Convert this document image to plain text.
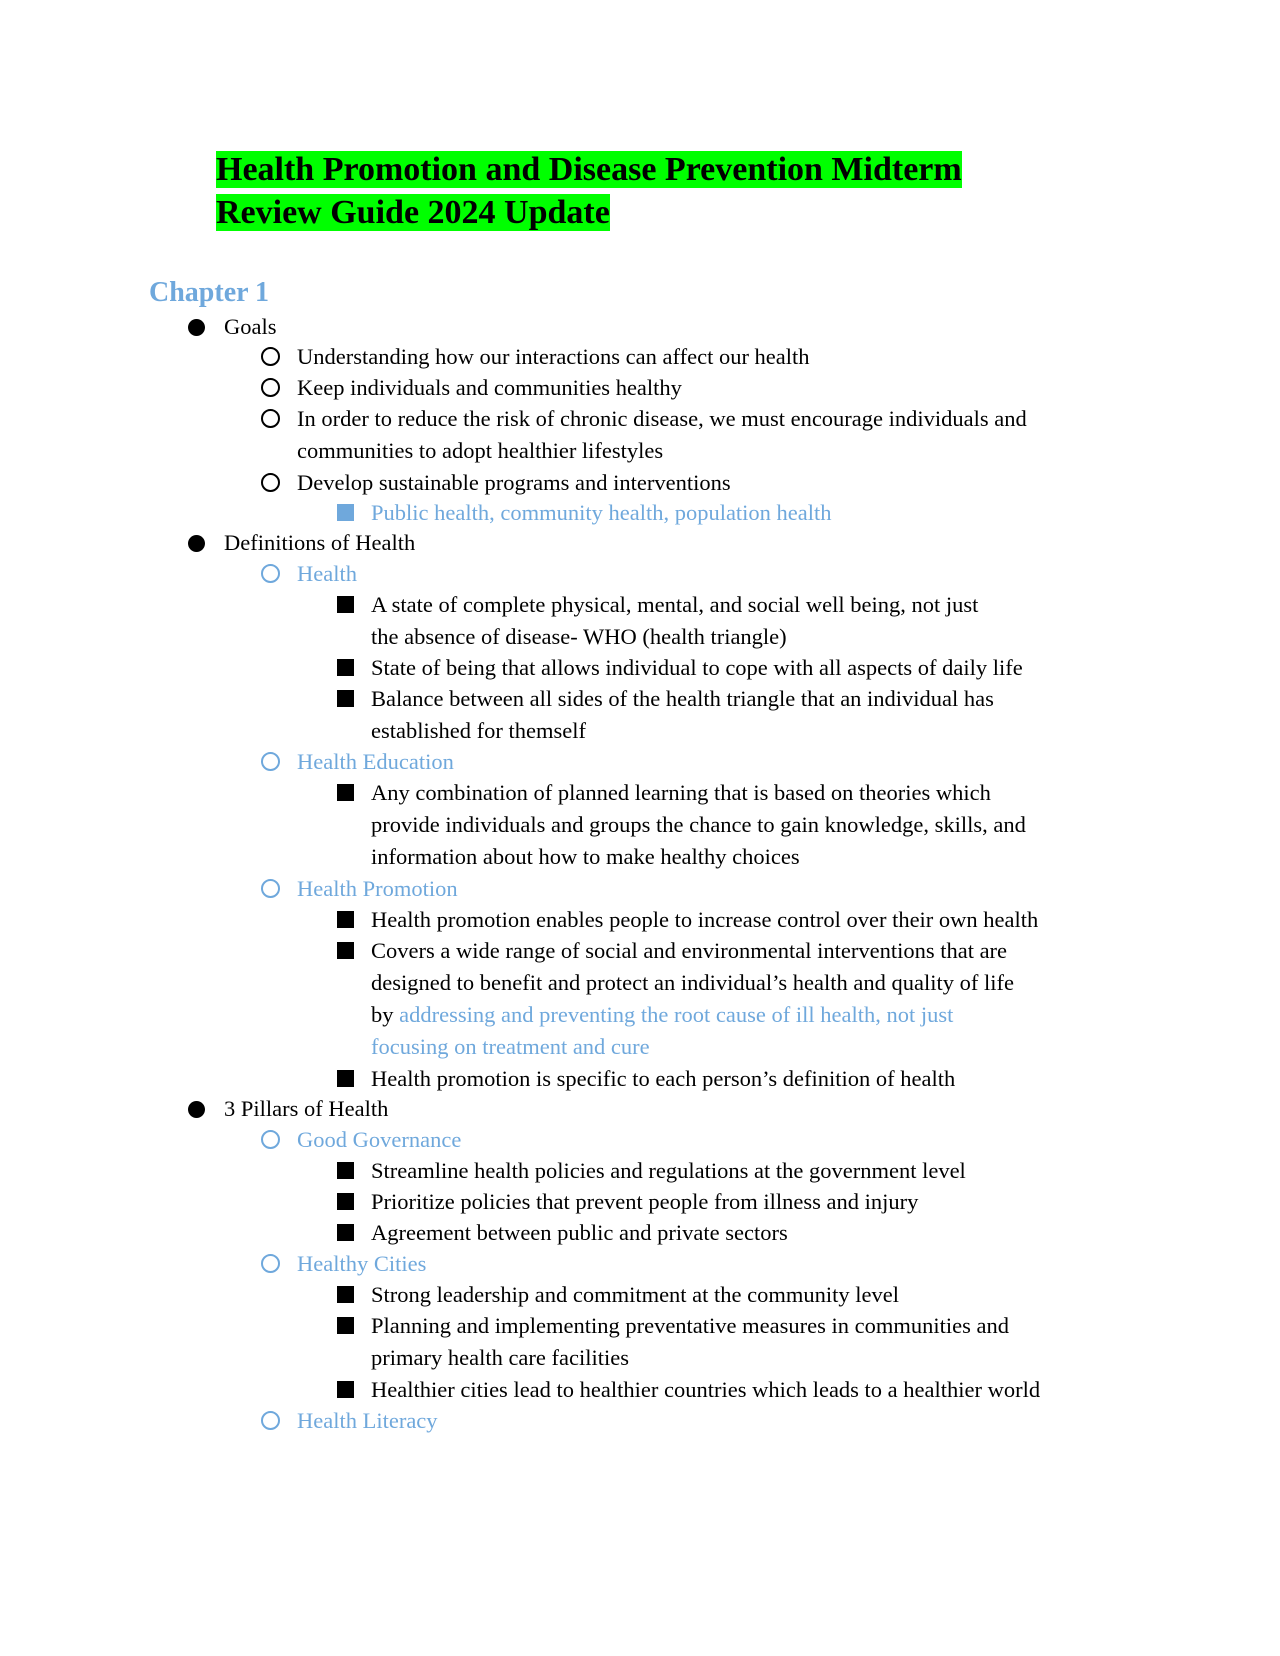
Health Promotion and Disease Prevention Midterm
Review Guide 2024 Update
Chapter 1
Goals
Understanding how our interactions can affect our health
Keep individuals and communities healthy
In order to reduce the risk of chronic disease, we must encourage individuals and
communities to adopt healthier lifestyles
Develop sustainable programs and interventions
Public health, community health, population health
Definitions of Health
Health
A state of complete physical, mental, and social well being, not just
the absence of disease- WHO (health triangle)
State of being that allows individual to cope with all aspects of daily life
Balance between all sides of the health triangle that an individual has
established for themself
Health Education
Any combination of planned learning that is based on theories which
provide individuals and groups the chance to gain knowledge, skills, and
information about how to make healthy choices
Health Promotion
Health promotion enables people to increase control over their own health
Covers a wide range of social and environmental interventions that are
designed to benefit and protect an individual’s health and quality of life
by addressing and preventing the root cause of ill health, not just
focusing on treatment and cure
Health promotion is specific to each person’s definition of health
3 Pillars of Health
Good Governance
Streamline health policies and regulations at the government level
Prioritize policies that prevent people from illness and injury
Agreement between public and private sectors
Healthy Cities
Strong leadership and commitment at the community level
Planning and implementing preventative measures in communities and
primary health care facilities
Healthier cities lead to healthier countries which leads to a healthier world
Health Literacy
